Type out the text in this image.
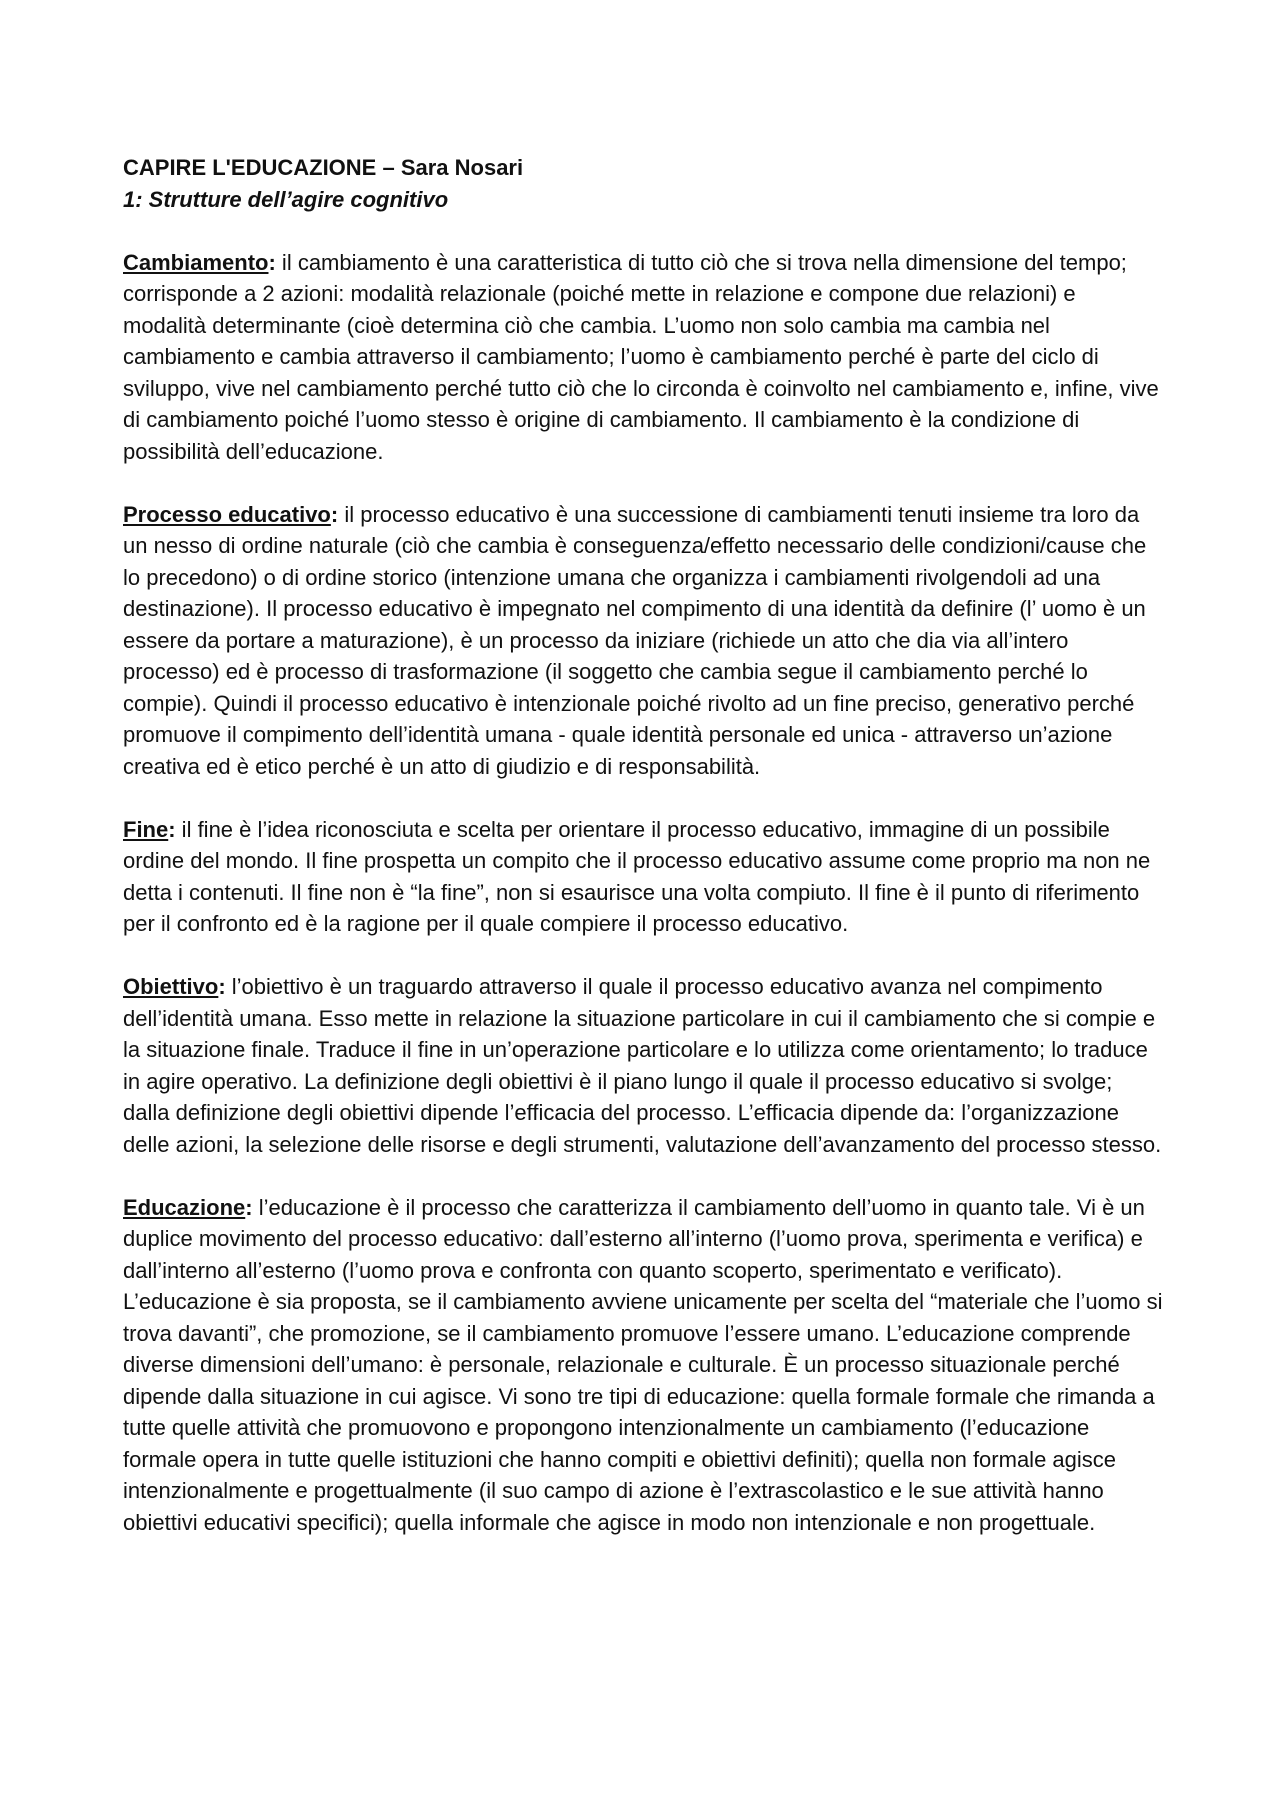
CAPIRE L'EDUCAZIONE – Sara Nosari

1: Strutture dell’agire cognitivo

Cambiamento: il cambiamento è una caratteristica di tutto ciò che si trova nella dimensione del tempo; corrisponde a 2 azioni: modalità relazionale (poiché mette in relazione e compone due relazioni) e modalità determinante (cioè determina ciò che cambia. L’uomo non solo cambia ma cambia nel cambiamento e cambia attraverso il cambiamento; l’uomo è cambiamento perché è parte del ciclo di sviluppo, vive nel cambiamento perché tutto ciò che lo circonda è coinvolto nel cambiamento e, infine, vive di cambiamento poiché l’uomo stesso è origine di cambiamento. Il cambiamento è la condizione di possibilità dell’educazione.

Processo educativo: il processo educativo è una successione di cambiamenti tenuti insieme tra loro da un nesso di ordine naturale (ciò che cambia è conseguenza/effetto necessario delle condizioni/cause che lo precedono) o di ordine storico (intenzione umana che organizza i cambiamenti rivolgendoli ad una destinazione). Il processo educativo è impegnato nel compimento di una identità da definire (l’ uomo è un essere da portare a maturazione), è un processo da iniziare (richiede un atto che dia via all’intero processo) ed è processo di trasformazione (il soggetto che cambia segue il cambiamento perché lo compie). Quindi il processo educativo è intenzionale poiché rivolto ad un fine preciso, generativo perché promuove il compimento dell’identità umana - quale identità personale ed unica - attraverso un’azione creativa ed è etico perché è un atto di giudizio e di responsabilità.

Fine: il fine è l’idea riconosciuta e scelta per orientare il processo educativo, immagine di un possibile ordine del mondo. Il fine prospetta un compito che il processo educativo assume come proprio ma non ne detta i contenuti. Il fine non è “la fine”, non si esaurisce una volta compiuto. Il fine è il punto di riferimento per il confronto ed è la ragione per il quale compiere il processo educativo.

Obiettivo: l’obiettivo è un traguardo attraverso il quale il processo educativo avanza nel compimento dell’identità umana. Esso mette in relazione la situazione particolare in cui il cambiamento che si compie e la situazione finale. Traduce il fine in un’operazione particolare e lo utilizza come orientamento; lo traduce in agire operativo. La definizione degli obiettivi è il piano lungo il quale il processo educativo si svolge; dalla definizione degli obiettivi dipende l’efficacia del processo. L’efficacia dipende da: l’organizzazione delle azioni, la selezione delle risorse e degli strumenti, valutazione dell’avanzamento del processo stesso.

Educazione: l’educazione è il processo che caratterizza il cambiamento dell’uomo in quanto tale. Vi è un duplice movimento del processo educativo: dall’esterno all’interno (l’uomo prova, sperimenta e verifica) e dall’interno all’esterno (l’uomo prova e confronta con quanto scoperto, sperimentato e verificato). L’educazione è sia proposta, se il cambiamento avviene unicamente per scelta del “materiale che l’uomo si trova davanti”, che promozione, se il cambiamento promuove l’essere umano. L’educazione comprende diverse dimensioni dell’umano: è personale, relazionale e culturale. È un processo situazionale perché dipende dalla situazione in cui agisce. Vi sono tre tipi di educazione: quella formale formale che rimanda a tutte quelle attività che promuovono e propongono intenzionalmente un cambiamento (l’educazione formale opera in tutte quelle istituzioni che hanno compiti e obiettivi definiti); quella non formale agisce intenzionalmente e progettualmente (il suo campo di azione è l’extrascolastico e le sue attività hanno obiettivi educativi specifici); quella informale che agisce in modo non intenzionale e non progettuale.
